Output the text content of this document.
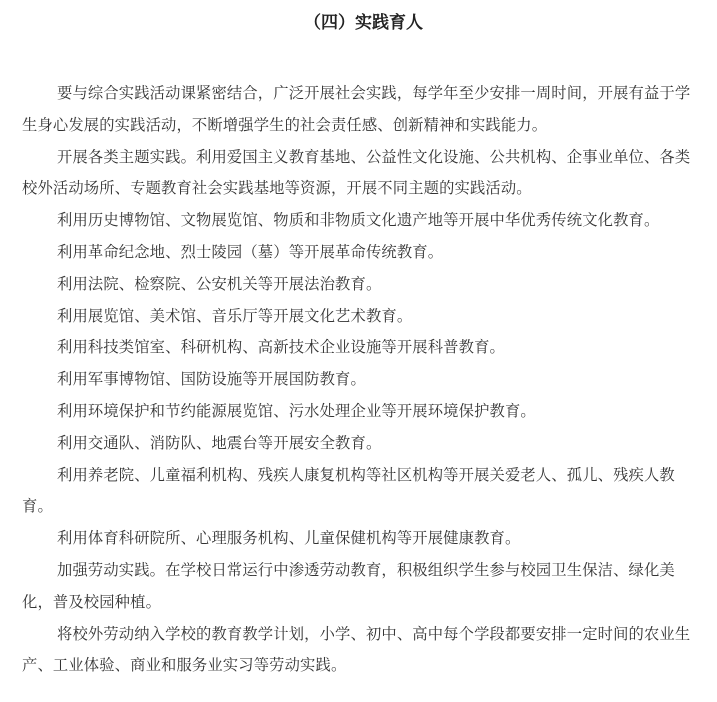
（四）实践育人

要与综合实践活动课紧密结合，广泛开展社会实践，每学年至少安排一周时间，开展有益于学生身心发展的实践活动，不断增强学生的社会责任感、创新精神和实践能力。

开展各类主题实践。利用爱国主义教育基地、公益性文化设施、公共机构、企事业单位、各类校外活动场所、专题教育社会实践基地等资源，开展不同主题的实践活动。

利用历史博物馆、文物展览馆、物质和非物质文化遗产地等开展中华优秀传统文化教育。

利用革命纪念地、烈士陵园（墓）等开展革命传统教育。

利用法院、检察院、公安机关等开展法治教育。

利用展览馆、美术馆、音乐厅等开展文化艺术教育。

利用科技类馆室、科研机构、高新技术企业设施等开展科普教育。

利用军事博物馆、国防设施等开展国防教育。

利用环境保护和节约能源展览馆、污水处理企业等开展环境保护教育。

利用交通队、消防队、地震台等开展安全教育。

利用养老院、儿童福利机构、残疾人康复机构等社区机构等开展关爱老人、孤儿、残疾人教育。

利用体育科研院所、心理服务机构、儿童保健机构等开展健康教育。

加强劳动实践。在学校日常运行中渗透劳动教育，积极组织学生参与校园卫生保洁、绿化美化，普及校园种植。

将校外劳动纳入学校的教育教学计划，小学、初中、高中每个学段都要安排一定时间的农业生产、工业体验、商业和服务业实习等劳动实践。
